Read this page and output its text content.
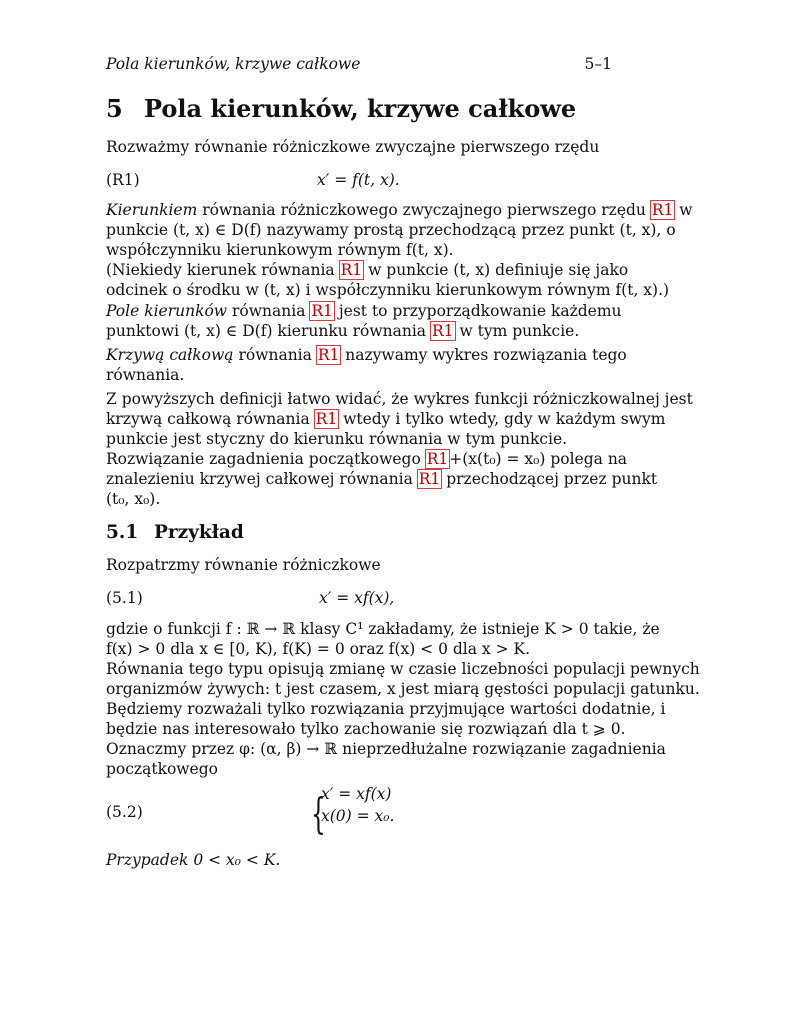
Pola kierunków, krzywe całkowe	5–1
5 Pola kierunków, krzywe całkowe
Rozważmy równanie różniczkowe zwyczajne pierwszego rzędu
(R1)	x′ = f(t, x).
Kierunkiem równania różniczkowego zwyczajnego pierwszego rzędu R1 w
punkcie (t, x) ∈ D(f) nazywamy prostą przechodzącą przez punkt (t, x), o
współczynniku kierunkowym równym f(t, x).
(Niekiedy kierunek równania R1 w punkcie (t, x) definiuje się jako
odcinek o środku w (t, x) i współczynniku kierunkowym równym f(t, x).)
Pole kierunków równania R1 jest to przyporządkowanie każdemu
punktowi (t, x) ∈ D(f) kierunku równania R1 w tym punkcie.
Krzywą całkową równania R1 nazywamy wykres rozwiązania tego
równania.
Z powyższych definicji łatwo widać, że wykres funkcji różniczkowalnej jest
krzywą całkową równania R1 wtedy i tylko wtedy, gdy w każdym swym
punkcie jest styczny do kierunku równania w tym punkcie.
Rozwiązanie zagadnienia początkowego R1+(x(t₀) = x₀) polega na
znalezieniu krzywej całkowej równania R1 przechodzącej przez punkt
(t₀, x₀).
5.1 Przykład
Rozpatrzmy równanie różniczkowe
(5.1)	x′ = xf(x),
gdzie o funkcji f : ℝ → ℝ klasy C¹ zakładamy, że istnieje K > 0 takie, że
f(x) > 0 dla x ∈ [0, K), f(K) = 0 oraz f(x) < 0 dla x > K.
Równania tego typu opisują zmianę w czasie liczebności populacji pewnych
organizmów żywych: t jest czasem, x jest miarą gęstości populacji gatunku.
Będziemy rozważali tylko rozwiązania przyjmujące wartości dodatnie, i
będzie nas interesowało tylko zachowanie się rozwiązań dla t ⩾ 0.
Oznaczmy przez φ: (α, β) → ℝ nieprzedłużalne rozwiązanie zagadnienia
początkowego
(5.2)	{
x′ = xf(x)
x(0) = x₀.
Przypadek 0 < x₀ < K.
